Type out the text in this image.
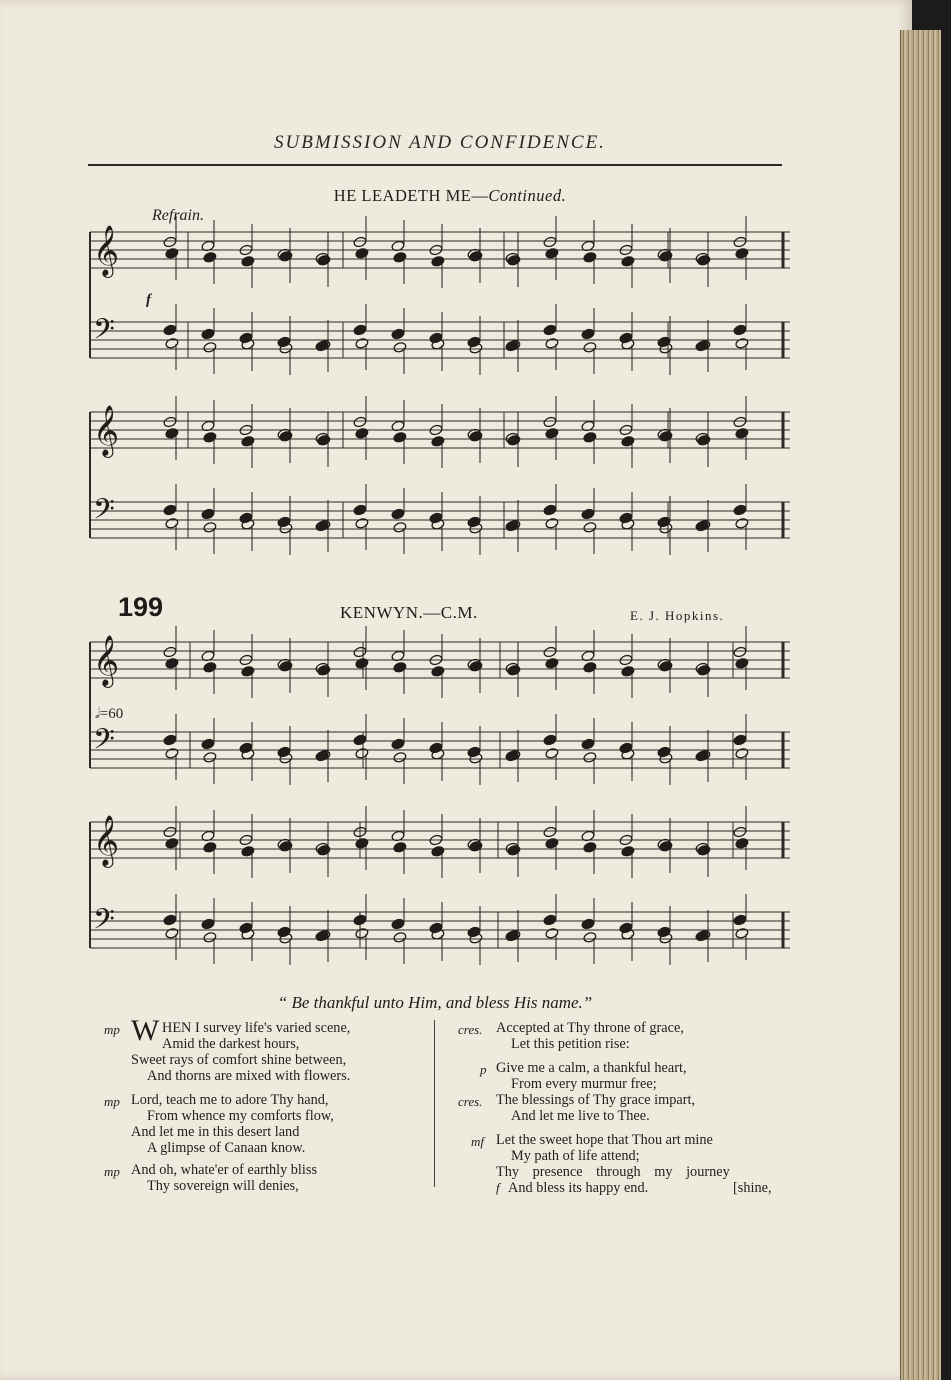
SUBMISSION AND CONFIDENCE.
HE LEADETH ME—Continued.
Refrain.
f
𝄞
𝄢
𝄞
𝄢
𝄞
𝄢
𝄞
𝄢
199	KENWYN.—C.M.	E. J. Hopkins.
𝅗𝅥=60
“ Be thankful unto Him, and bless His name.”
W
mp	HEN I survey life's varied scene,
Amid the darkest hours,
Sweet rays of comfort shine between,
And thorns are mixed with flowers.
mp Lord, teach me to adore Thy hand,
From whence my comforts flow,
And let me in this desert land
A glimpse of Canaan know.
mp And oh, whate'er of earthly bliss
Thy sovereign will denies,
cres. Accepted at Thy throne of grace,
Let this petition rise:
p Give me a calm, a thankful heart,
From every murmur free;
cres. The blessings of Thy grace impart,
And let me live to Thee.
mf Let the sweet hope that Thou art mine
My path of life attend;
Thy presence through my journey
f And bless its happy end.	[shine,
